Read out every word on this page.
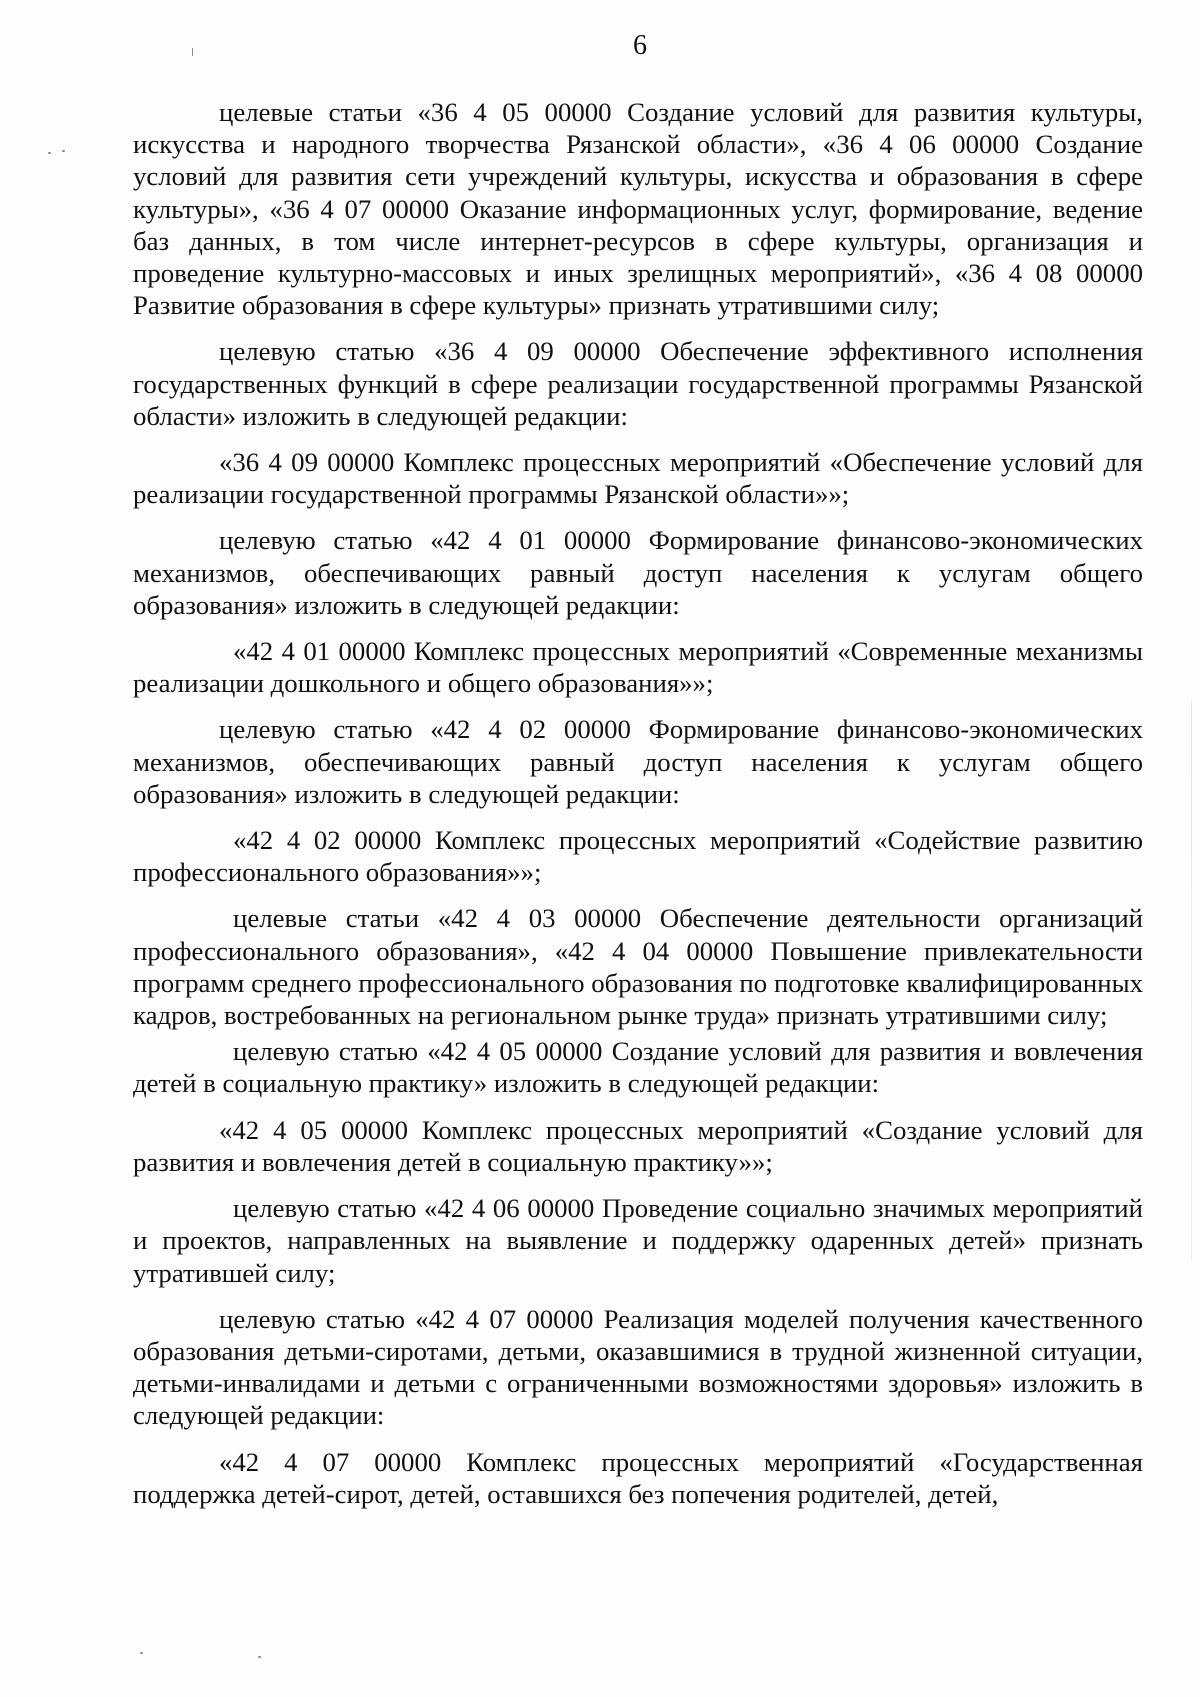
6

целевые статьи «36 4 05 00000 Создание условий для развития культуры, искусства и народного творчества Рязанской области», «36 4 06 00000 Создание условий для развития сети учреждений культуры, искусства и образования в сфере культуры», «36 4 07 00000 Оказание информационных услуг, формирование, ведение баз данных, в том числе интернет-ресурсов в сфере культуры, организация и проведение культурно-массовых и иных зрелищных мероприятий», «36 4 08 00000 Развитие образования в сфере культуры» признать утратившими силу;

целевую статью «36 4 09 00000 Обеспечение эффективного исполнения государственных функций в сфере реализации государственной программы Рязанской области» изложить в следующей редакции:

«36 4 09 00000 Комплекс процессных мероприятий «Обеспечение условий для реализации государственной программы Рязанской области»»;

целевую статью «42 4 01 00000 Формирование финансово-экономических механизмов, обеспечивающих равный доступ населения к услугам общего образования» изложить в следующей редакции:

«42 4 01 00000 Комплекс процессных мероприятий «Современные механизмы реализации дошкольного и общего образования»»;

целевую статью «42 4 02 00000 Формирование финансово-экономических механизмов, обеспечивающих равный доступ населения к услугам общего образования» изложить в следующей редакции:

«42 4 02 00000 Комплекс процессных мероприятий «Содействие развитию профессионального образования»»;

целевые статьи «42 4 03 00000 Обеспечение деятельности организаций профессионального образования», «42 4 04 00000 Повышение привлекательности программ среднего профессионального образования по подготовке квалифицированных кадров, востребованных на региональном рынке труда» признать утратившими силу;

целевую статью «42 4 05 00000 Создание условий для развития и вовлечения детей в социальную практику» изложить в следующей редакции:

«42 4 05 00000 Комплекс процессных мероприятий «Создание условий для развития и вовлечения детей в социальную практику»»;

целевую статью «42 4 06 00000 Проведение социально значимых мероприятий и проектов, направленных на выявление и поддержку одаренных детей» признать утратившей силу;

целевую статью «42 4 07 00000 Реализация моделей получения качественного образования детьми-сиротами, детьми, оказавшимися в трудной жизненной ситуации, детьми-инвалидами и детьми с ограниченными возможностями здоровья» изложить в следующей редакции:

«42 4 07 00000 Комплекс процессных мероприятий «Государственная поддержка детей-сирот, детей, оставшихся без попечения родителей, детей,
